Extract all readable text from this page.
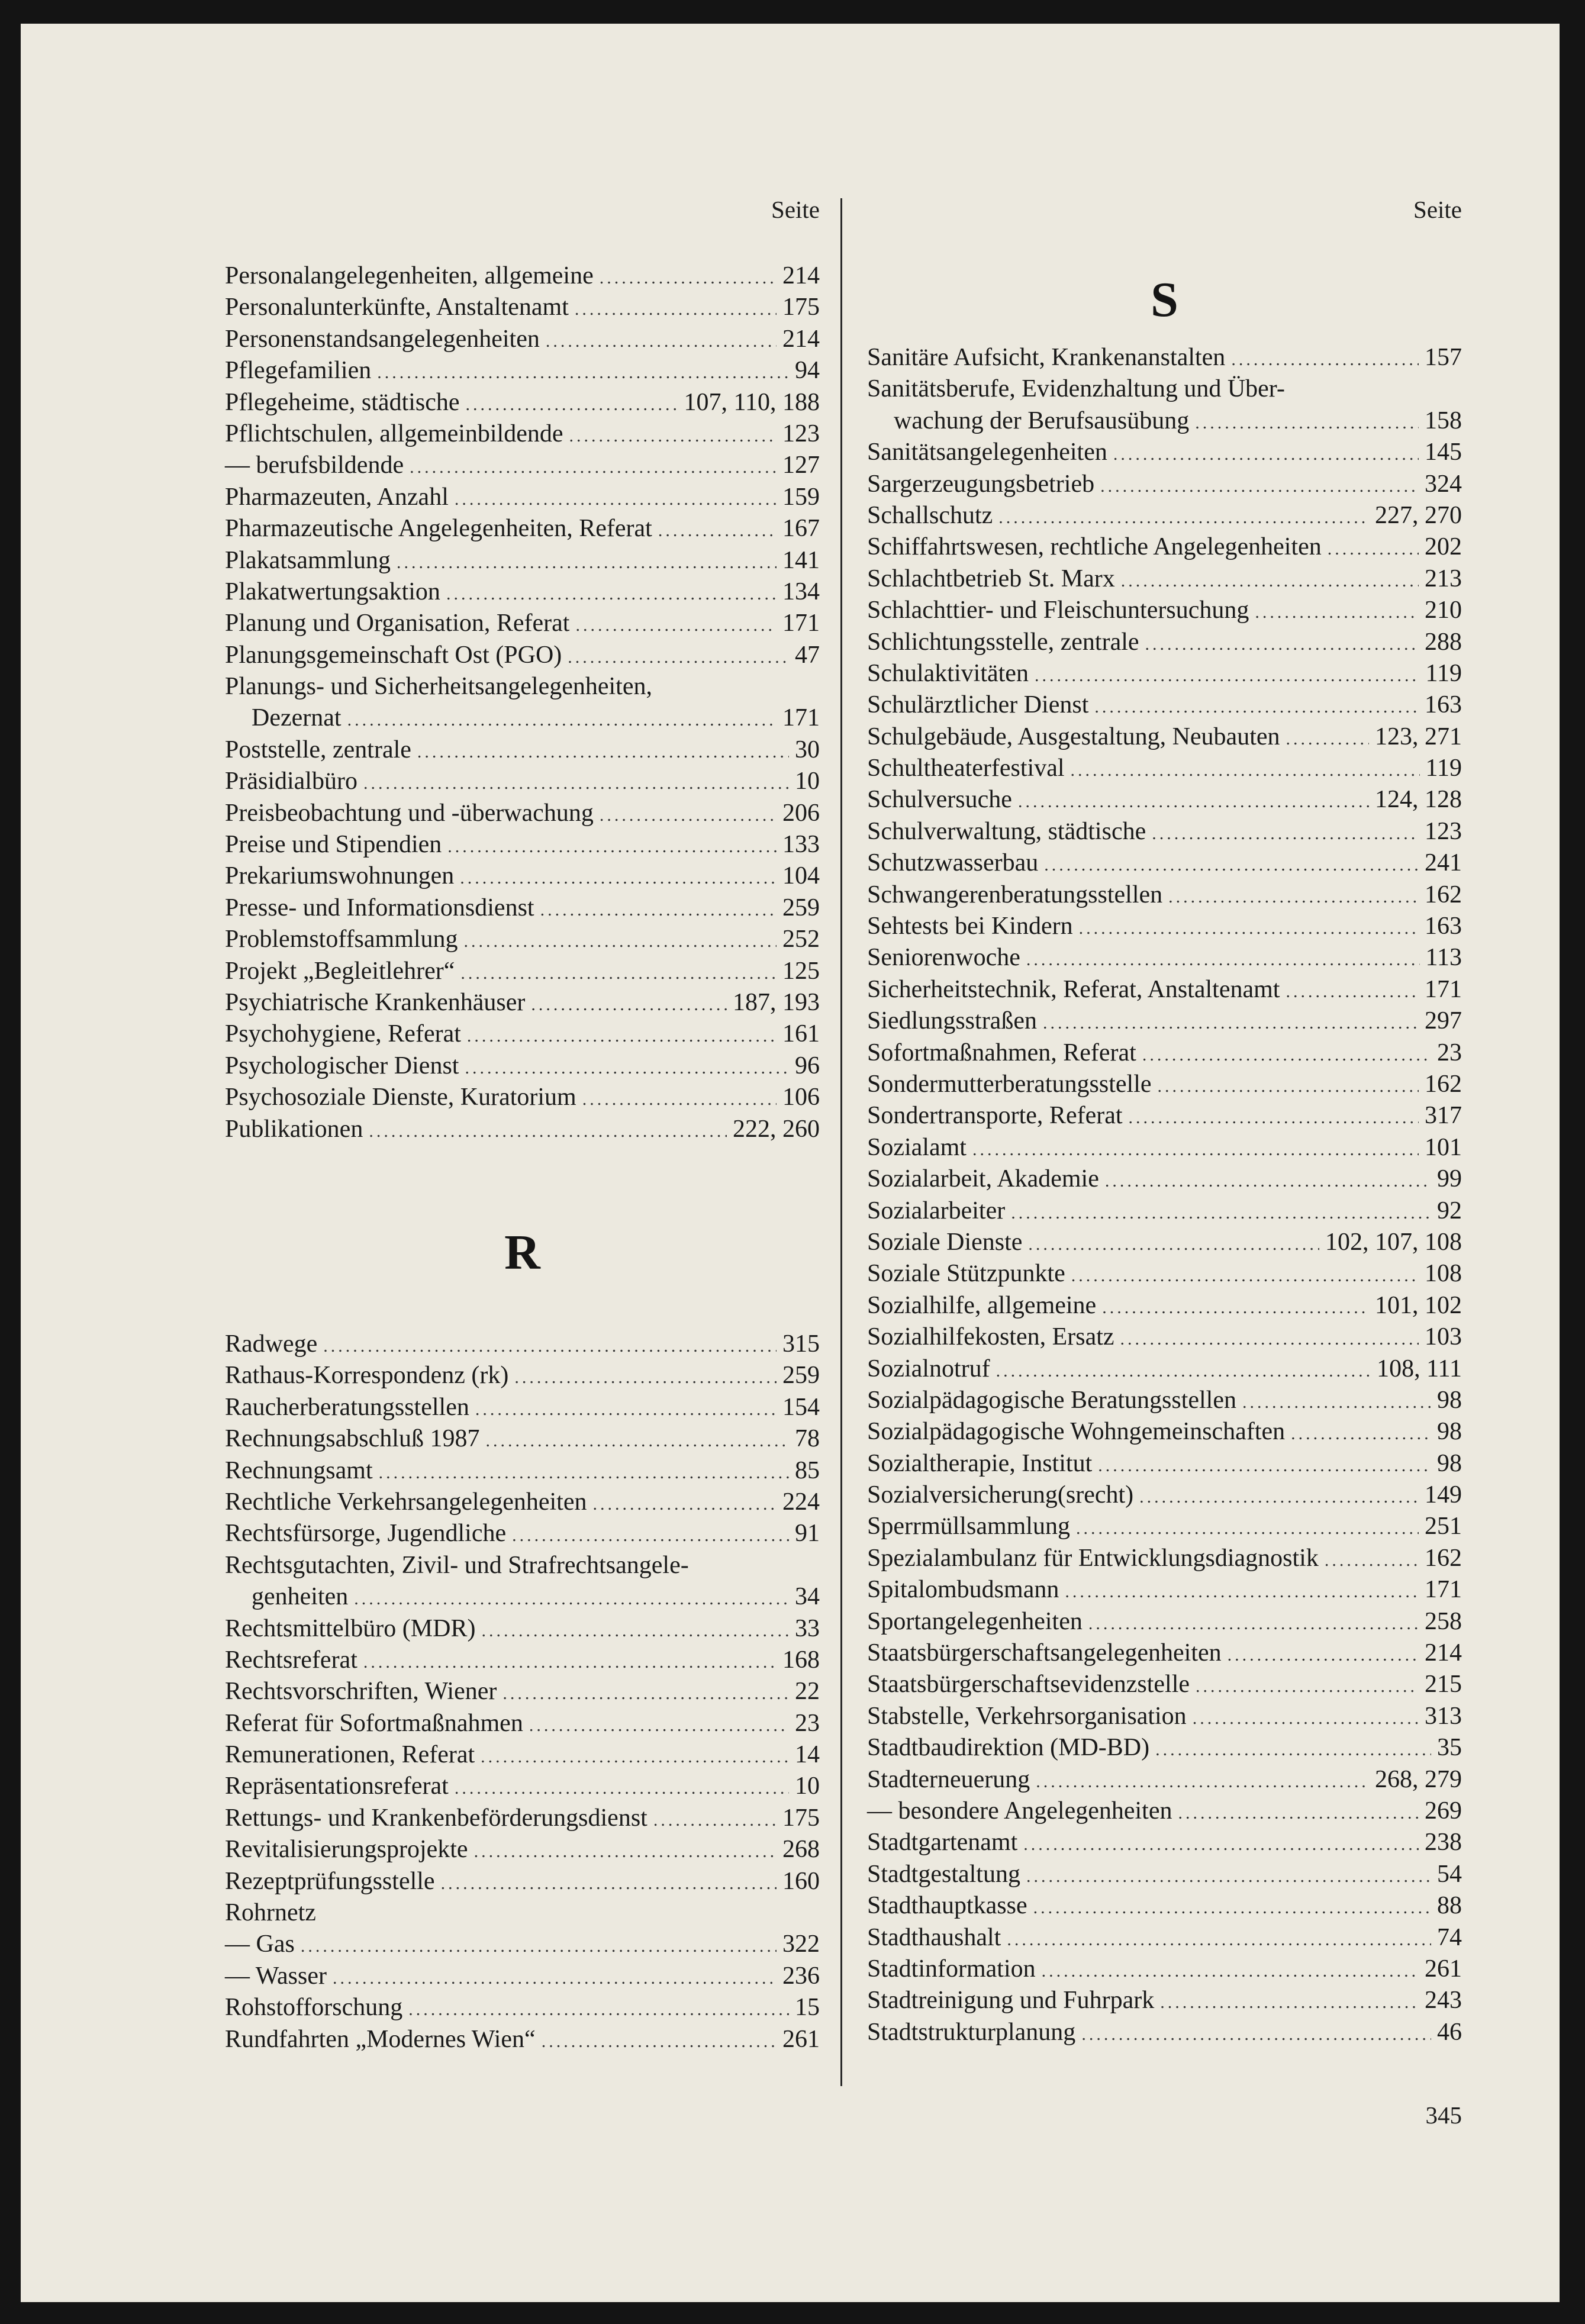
Seite
Personalangelegenheiten, allgemeine .....	214
Personalunterkünfte, Anstaltenamt .....	175
Personenstandsangelegenheiten .....	214
Pflegefamilien .....	94
Pflegeheime, städtische .....	107, 110, 188
Pflichtschulen, allgemeinbildende .....	123
— berufsbildende .....	127
Pharmazeuten, Anzahl .....	159
Pharmazeutische Angelegenheiten, Referat .....	167
Plakatsammlung .....	141
Plakatwertungsaktion .....	134
Planung und Organisation, Referat .....	171
Planungsgemeinschaft Ost (PGO) .....	47
Planungs- und Sicherheitsangelegenheiten,
Dezernat .....	171
Poststelle, zentrale .....	30
Präsidialbüro .....	10
Preisbeobachtung und -überwachung .....	206
Preise und Stipendien .....	133
Prekariumswohnungen .....	104
Presse- und Informationsdienst .....	259
Problemstoffsammlung .....	252
Projekt „Begleitlehrer“ .....	125
Psychiatrische Krankenhäuser .....	187, 193
Psychohygiene, Referat .....	161
Psychologischer Dienst .....	96
Psychosoziale Dienste, Kuratorium .....	106
Publikationen .....	222, 260
R
Radwege .....	315
Rathaus-Korrespondenz (rk) .....	259
Raucherberatungsstellen .....	154
Rechnungsabschluß 1987 .....	78
Rechnungsamt .....	85
Rechtliche Verkehrsangelegenheiten .....	224
Rechtsfürsorge, Jugendliche .....	91
Rechtsgutachten, Zivil- und Strafrechtsangele-
genheiten .....	34
Rechtsmittelbüro (MDR) .....	33
Rechtsreferat .....	168
Rechtsvorschriften, Wiener .....	22
Referat für Sofortmaßnahmen .....	23
Remunerationen, Referat .....	14
Repräsentationsreferat .....	10
Rettungs- und Krankenbeförderungsdienst .....	175
Revitalisierungsprojekte .....	268
Rezeptprüfungsstelle .....	160
Rohrnetz
— Gas .....	322
— Wasser .....	236
Rohstofforschung .....	15
Rundfahrten „Modernes Wien“ .....	261
Seite
S
Sanitäre Aufsicht, Krankenanstalten .....	157
Sanitätsberufe, Evidenzhaltung und Über-
wachung der Berufsausübung .....	158
Sanitätsangelegenheiten .....	145
Sargerzeugungsbetrieb .....	324
Schallschutz .....	227, 270
Schiffahrtswesen, rechtliche Angelegenheiten .....	202
Schlachtbetrieb St. Marx .....	213
Schlachttier- und Fleischuntersuchung .....	210
Schlichtungsstelle, zentrale .....	288
Schulaktivitäten .....	119
Schulärztlicher Dienst .....	163
Schulgebäude, Ausgestaltung, Neubauten .....	123, 271
Schultheaterfestival .....	119
Schulversuche .....	124, 128
Schulverwaltung, städtische .....	123
Schutzwasserbau .....	241
Schwangerenberatungsstellen .....	162
Sehtests bei Kindern .....	163
Seniorenwoche .....	113
Sicherheitstechnik, Referat, Anstaltenamt .....	171
Siedlungsstraßen .....	297
Sofortmaßnahmen, Referat .....	23
Sondermutterberatungsstelle .....	162
Sondertransporte, Referat .....	317
Sozialamt .....	101
Sozialarbeit, Akademie .....	99
Sozialarbeiter .....	92
Soziale Dienste .....	102, 107, 108
Soziale Stützpunkte .....	108
Sozialhilfe, allgemeine .....	101, 102
Sozialhilfekosten, Ersatz .....	103
Sozialnotruf .....	108, 111
Sozialpädagogische Beratungsstellen .....	98
Sozialpädagogische Wohngemeinschaften .....	98
Sozialtherapie, Institut .....	98
Sozialversicherung(srecht) .....	149
Sperrmüllsammlung .....	251
Spezialambulanz für Entwicklungsdiagnostik .....	162
Spitalombudsmann .....	171
Sportangelegenheiten .....	258
Staatsbürgerschaftsangelegenheiten .....	214
Staatsbürgerschaftsevidenzstelle .....	215
Stabstelle, Verkehrsorganisation .....	313
Stadtbaudirektion (MD-BD) .....	35
Stadterneuerung .....	268, 279
— besondere Angelegenheiten .....	269
Stadtgartenamt .....	238
Stadtgestaltung .....	54
Stadthauptkasse .....	88
Stadthaushalt .....	74
Stadtinformation .....	261
Stadtreinigung und Fuhrpark .....	243
Stadtstrukturplanung .....	46
345
